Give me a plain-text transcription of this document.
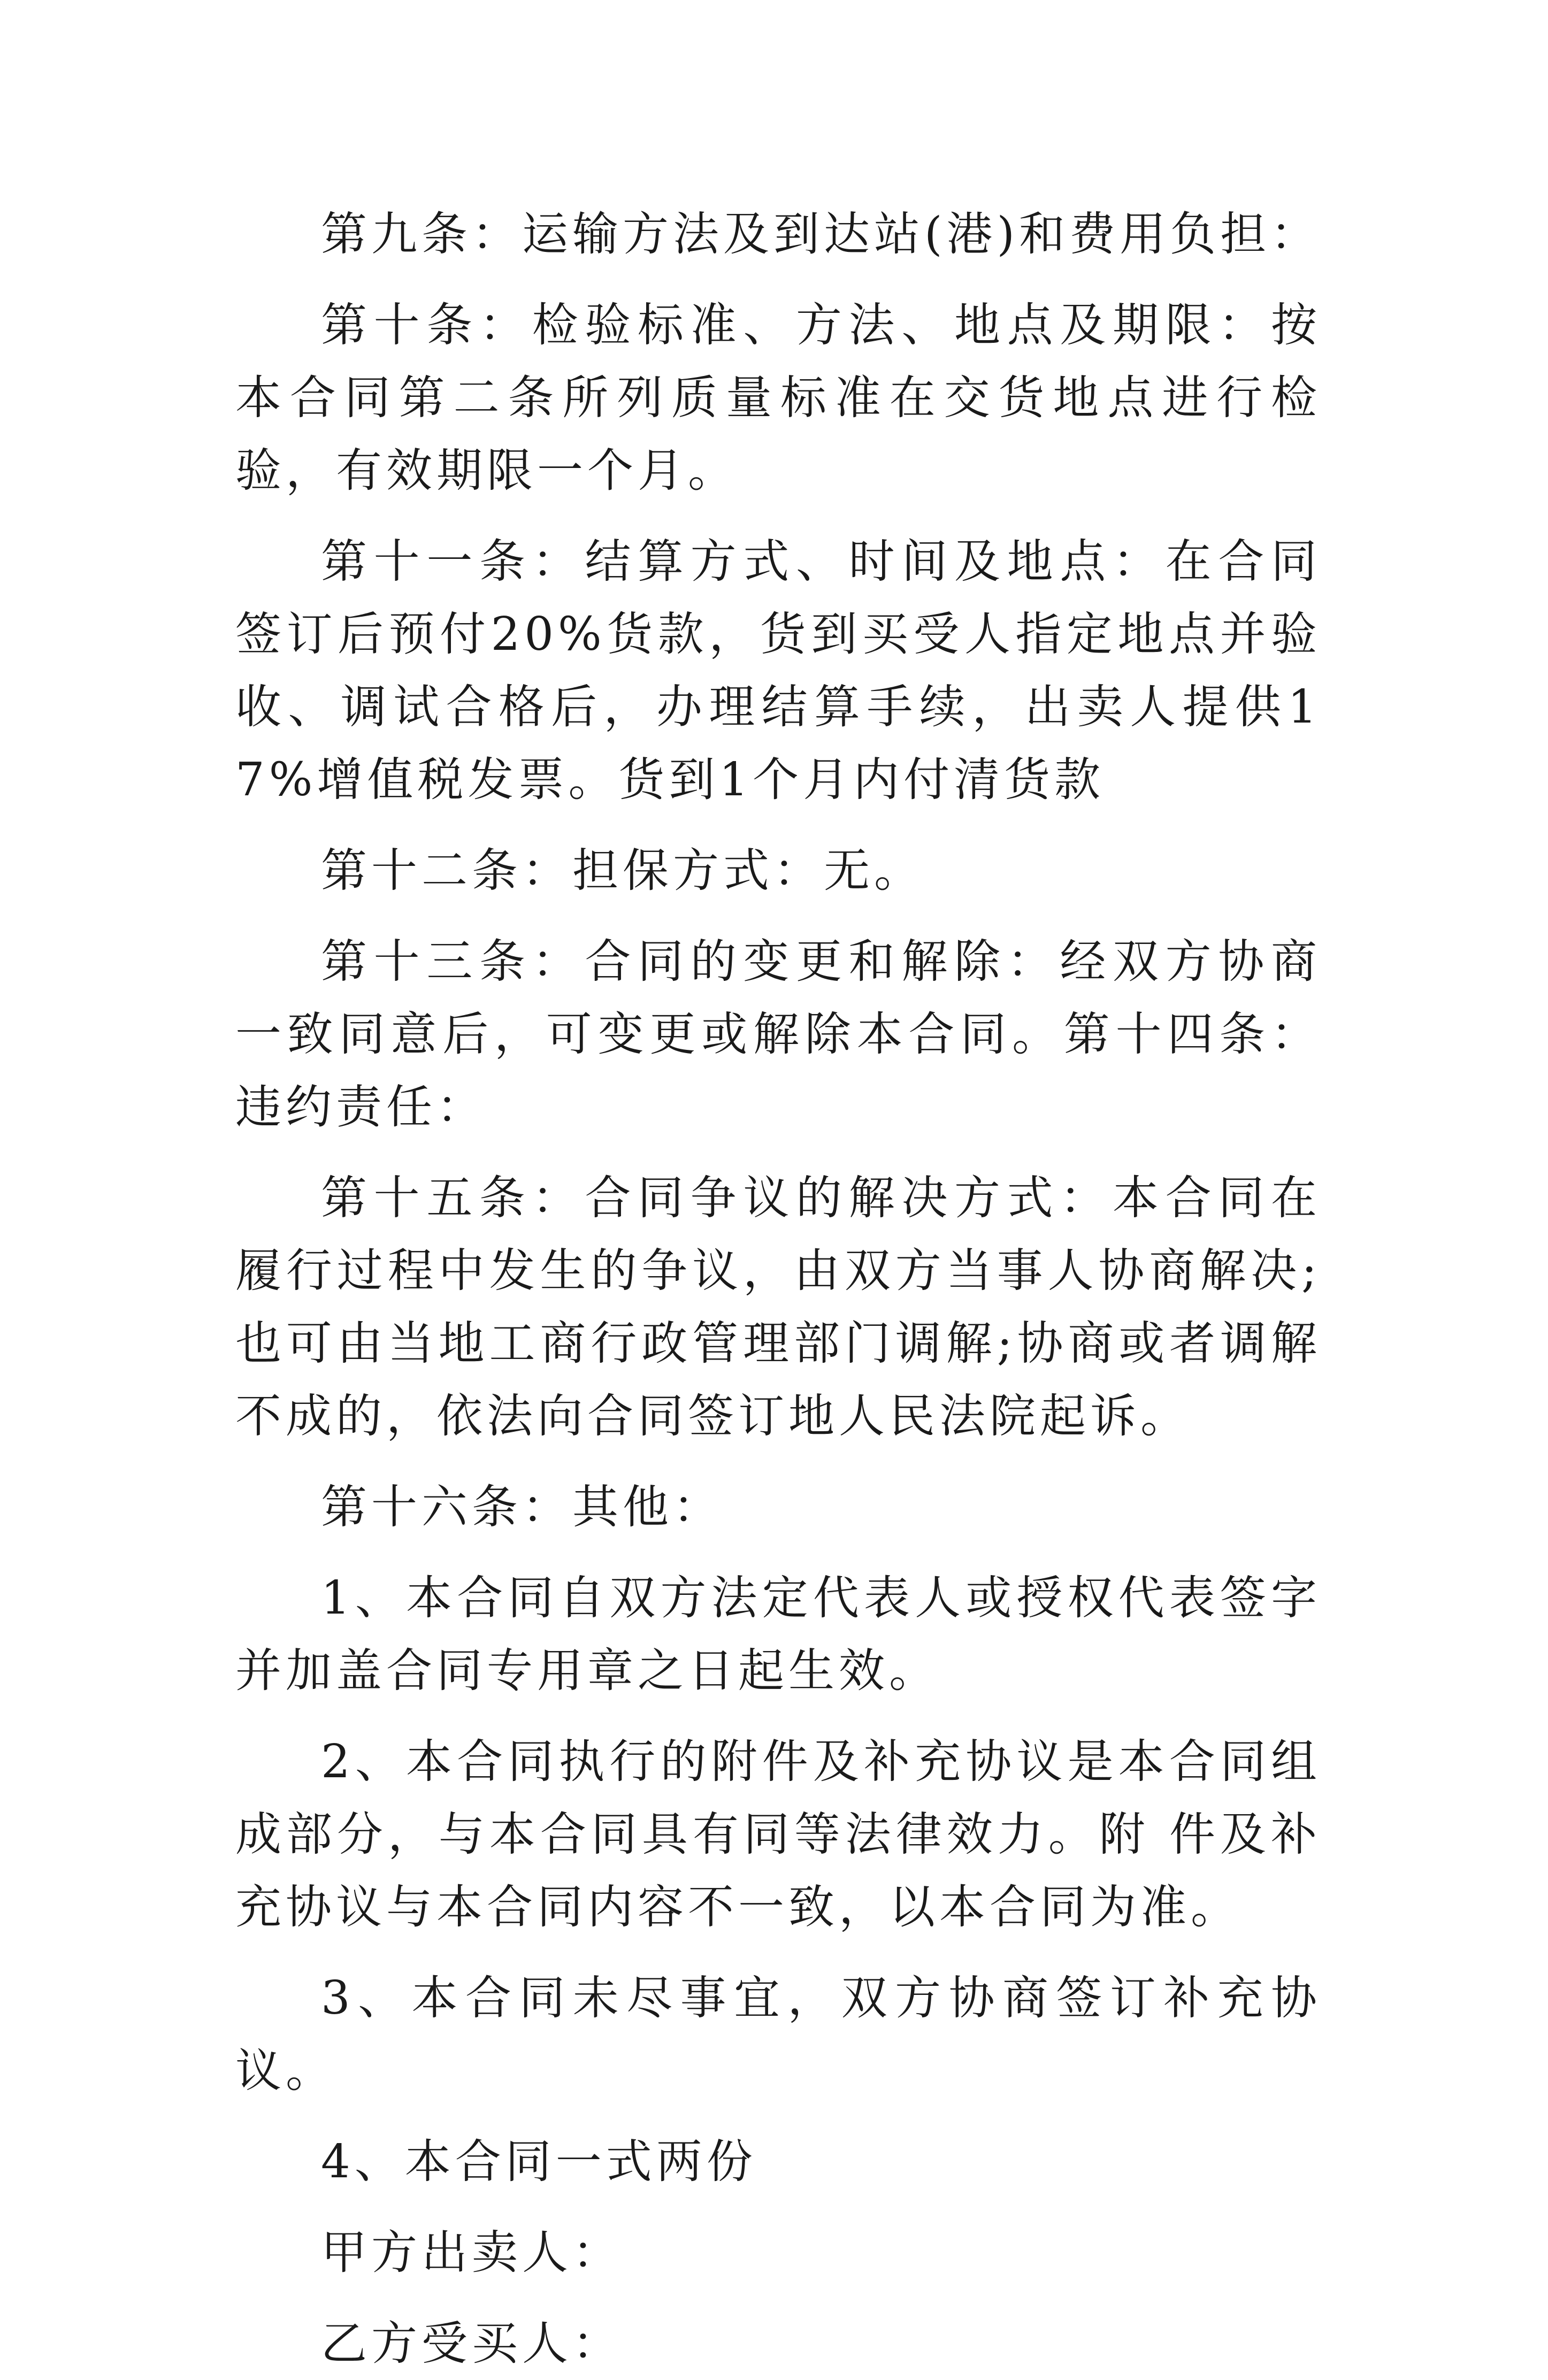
第九条：运输方法及到达站(港)和费用负担：

第十条：检验标准、方法、地点及期限：按本合同第二条所列质量标准在交货地点进行检验，有效期限一个月。

第十一条：结算方式、时间及地点：在合同签订后预付20%货款，货到买受人指定地点并验收、调试合格后，办理结算手续，出卖人提供17%增值税发票。货到1个月内付清货款

第十二条：担保方式：无。

第十三条：合同的变更和解除：经双方协商一致同意后，可变更或解除本合同。第十四条：违约责任：

第十五条：合同争议的解决方式：本合同在履行过程中发生的争议，由双方当事人协商解决;也可由当地工商行政管理部门调解;协商或者调解不成的，依法向合同签订地人民法院起诉。

第十六条：其他：

1、本合同自双方法定代表人或授权代表签字并加盖合同专用章之日起生效。

2、本合同执行的附件及补充协议是本合同组成部分，与本合同具有同等法律效力。附 件及补充协议与本合同内容不一致，以本合同为准。

3、本合同未尽事宜，双方协商签订补充协议。

4、本合同一式两份

甲方出卖人：

乙方受买人：
